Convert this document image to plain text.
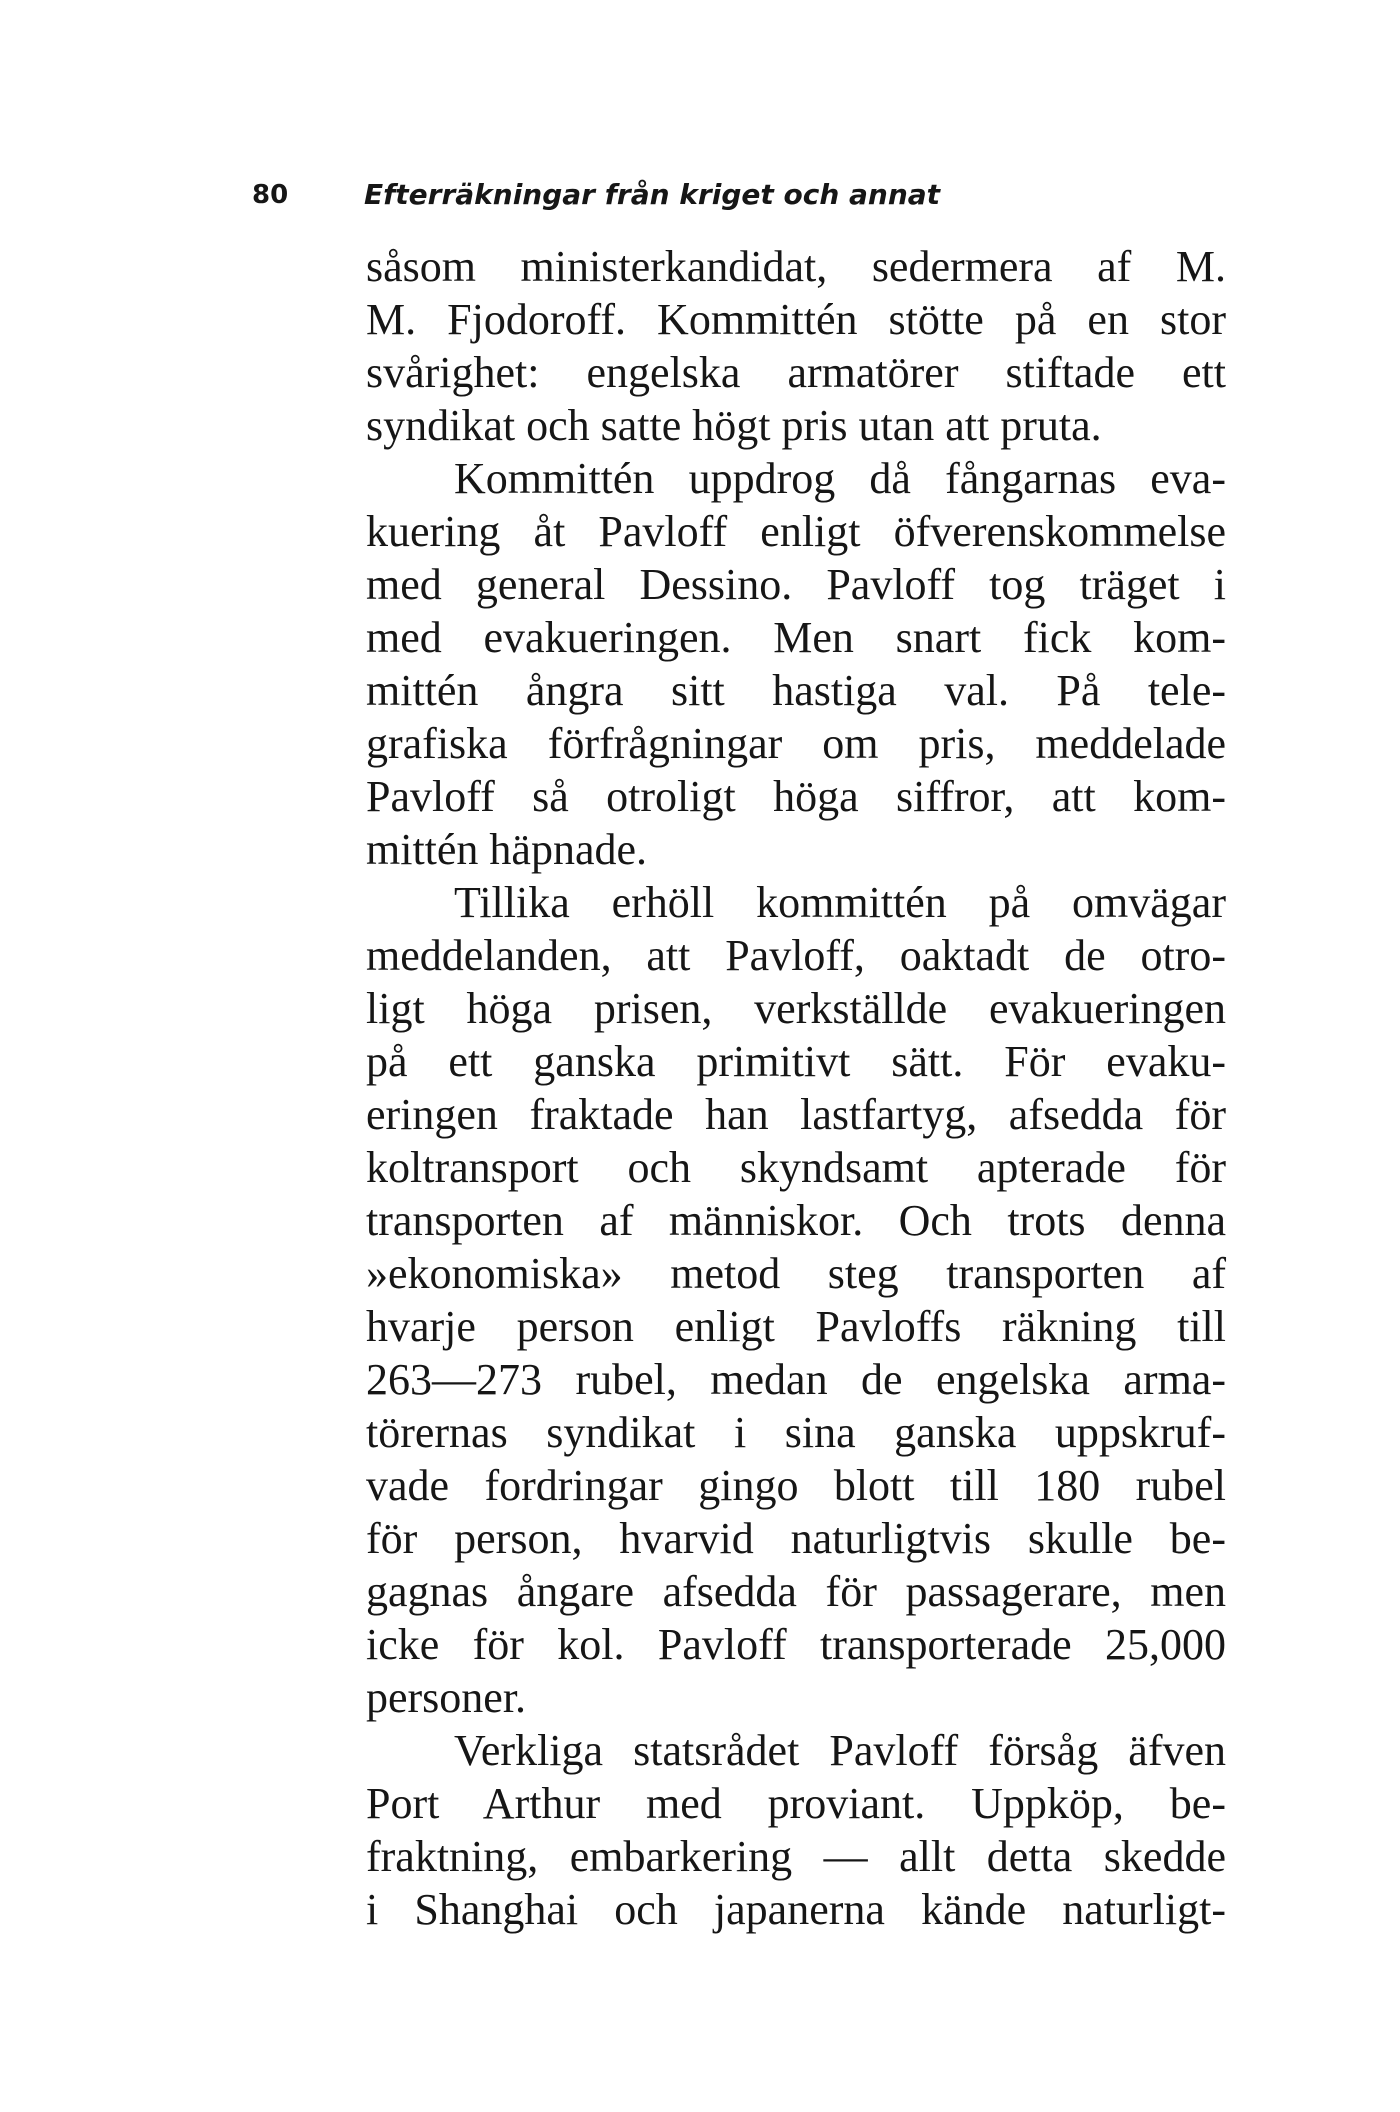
80	Efterräkningar från kriget och annat
såsom ministerkandidat, sedermera af M.
M. Fjodoroff. Kommittén stötte på en stor
svårighet: engelska armatörer stiftade ett
syndikat och satte högt pris utan att pruta.
Kommittén uppdrog då fångarnas eva-
kuering åt Pavloff enligt öfverenskommelse
med general Dessino. Pavloff tog träget i
med evakueringen. Men snart fick kom-
mittén ångra sitt hastiga val. På tele-
grafiska förfrågningar om pris, meddelade
Pavloff så otroligt höga siffror, att kom-
mittén häpnade.
Tillika erhöll kommittén på omvägar
meddelanden, att Pavloff, oaktadt de otro-
ligt höga prisen, verkställde evakueringen
på ett ganska primitivt sätt. För evaku-
eringen fraktade han lastfartyg, afsedda för
koltransport och skyndsamt apterade för
transporten af människor. Och trots denna
»ekonomiska» metod steg transporten af
hvarje person enligt Pavloffs räkning till
263—273 rubel, medan de engelska arma-
törernas syndikat i sina ganska uppskruf-
vade fordringar gingo blott till 180 rubel
för person, hvarvid naturligtvis skulle be-
gagnas ångare afsedda för passagerare, men
icke för kol. Pavloff transporterade 25,000
personer.
Verkliga statsrådet Pavloff försåg äfven
Port Arthur med proviant. Uppköp, be-
fraktning, embarkering — allt detta skedde
i Shanghai och japanerna kände naturligt-
